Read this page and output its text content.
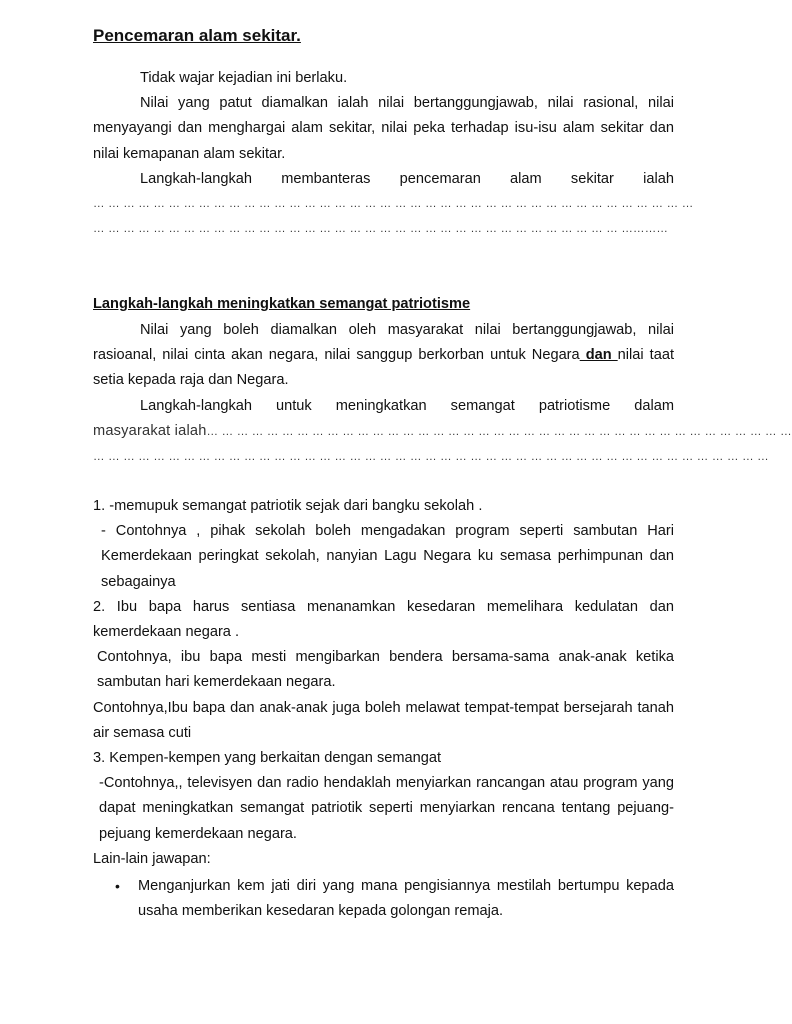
Pencemaran alam sekitar.

Tidak wajar kejadian ini berlaku.

Nilai yang patut diamalkan ialah nilai bertanggungjawab, nilai rasional, nilai menyayangi dan menghargai alam sekitar, nilai peka terhadap isu-isu alam sekitar dan nilai kemapanan alam sekitar.

Langkah-langkah membanteras pencemaran alam sekitar ialah

… … … … … … … … … … … … … … … … … … … … … … … … … … … … … … … … … … … … … … … …
… … … … … … … … … … … … … … … … … … … … … … … … … … … … … … … … … … … …………
Langkah-langkah meningkatkan semangat patriotisme

Nilai yang boleh diamalkan oleh masyarakat nilai bertanggungjawab, nilai rasioanal, nilai cinta akan negara, nilai sanggup berkorban untuk Negara dan nilai taat setia kepada raja dan Negara.

Langkah-langkah untuk meningkatkan semangat patriotisme dalam

masyarakat ialah… … … … … … … … … … … … … … … … … … … … … … … … … … … … … … … … … … … … … … …
… … … … … … … … … … … … … … … … … … … … … … … … … … … … … … … … … … … … … … … … … … … … …

1. -memupuk semangat patriotik sejak dari bangku sekolah .

- Contohnya , pihak sekolah boleh mengadakan program seperti sambutan Hari Kemerdekaan peringkat sekolah, nanyian Lagu Negara ku semasa perhimpunan dan sebagainya

2. Ibu bapa harus sentiasa menanamkan kesedaran memelihara kedulatan dan kemerdekaan negara .

Contohnya, ibu bapa mesti mengibarkan bendera bersama-sama anak-anak ketika sambutan hari kemerdekaan negara.

Contohnya,Ibu bapa dan anak-anak juga boleh melawat tempat-tempat bersejarah tanah air semasa cuti

3. Kempen-kempen yang berkaitan dengan semangat

-Contohnya,, televisyen dan radio hendaklah menyiarkan rancangan atau program yang dapat meningkatkan semangat patriotik seperti menyiarkan rencana tentang pejuang-pejuang kemerdekaan negara.

Lain-lain jawapan:

• Menganjurkan kem jati diri yang mana pengisiannya mestilah bertumpu kepada usaha memberikan kesedaran kepada golongan remaja.
